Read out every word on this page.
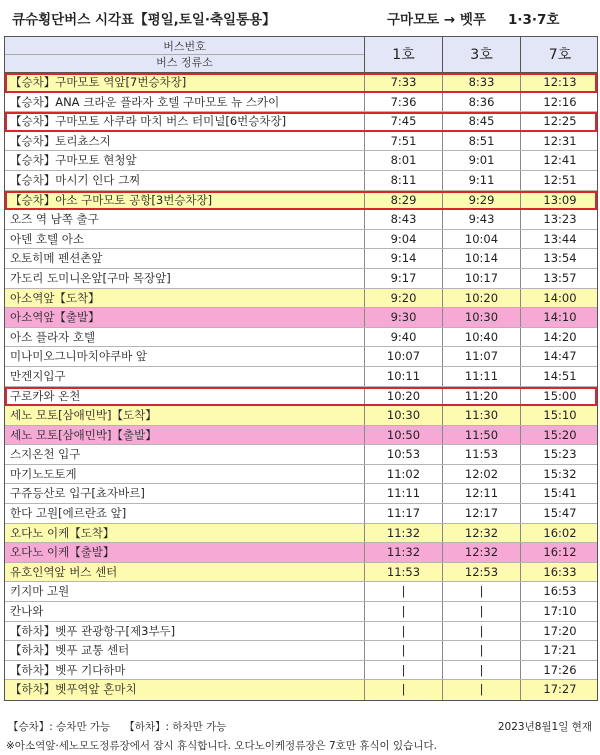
큐슈횡단버스 시각표【평일,토일·축일통용】	구마모토 → 벳푸 1·3·7호
버스번호
버스 정류소	1호	3호	7호
【승차】구마모토 역앞[7번승차장]	7:33	8:33	12:13
【승차】ANA 크라운 플라자 호텔 구마모토 뉴 스카이	7:36	8:36	12:16
【승차】구마모토 사쿠라 마치 버스 터미널[6번승차장]	7:45	8:45	12:25
【승차】토리쵸스지	7:51	8:51	12:31
【승차】구마모토 현청앞	8:01	9:01	12:41
【승차】마시기 인다 그찌	8:11	9:11	12:51
【승차】아소 구마모토 공항[3번승차장]	8:29	9:29	13:09
오즈 역 남쪽 출구	8:43	9:43	13:23
아덴 호텔 아소	9:04	10:04	13:44
오토히메 펜션촌앞	9:14	10:14	13:54
가도리 도미니온앞[구마 목장앞]	9:17	10:17	13:57
아소역앞【도착】	9:20	10:20	14:00
아소역앞【출발】	9:30	10:30	14:10
아소 플라자 호텔	9:40	10:40	14:20
미나미오그니마치야쿠바 앞	10:07	11:07	14:47
만겐지입구	10:11	11:11	14:51
구로카와 온천	10:20	11:20	15:00
세노 모토[삼애민박]【도착】	10:30	11:30	15:10
세노 모토[삼애민박]【출발】	10:50	11:50	15:20
스지온천 입구	10:53	11:53	15:23
마기노도토게	11:02	12:02	15:32
구쥬등산로 입구[쵸자바르]	11:11	12:11	15:41
한다 고원[에르란죠 앞]	11:17	12:17	15:47
오다노 이케【도착】	11:32	12:32	16:02
오다노 이케【출발】	11:32	12:32	16:12
유호인역앞 버스 센터	11:53	12:53	16:33
키지마 고원	|	|	16:53
칸나와	|	|	17:10
【하차】벳푸 관광항구[제3부두]	|	|	17:20
【하차】벳푸 교통 센터	|	|	17:21
【하차】벳푸 기다하마	|	|	17:26
【하차】벳푸역앞 혼마치	|	|	17:27
【승차】: 승차만 가능 【하차】: 하차만 가능	2023년8월1일 현재
※아소역앞·세노모도정류장에서 잠시 휴식합니다. 오다노이케정류장은 7호만 휴식이 있습니다.
